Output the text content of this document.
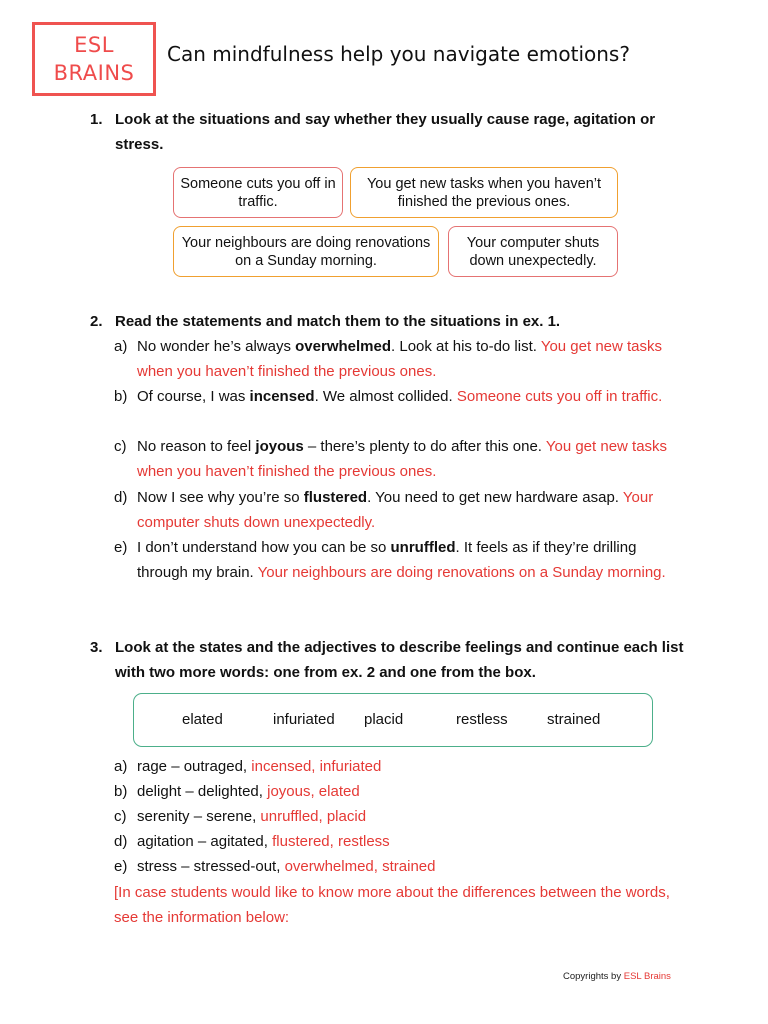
ESL
BRAINS
Can mindfulness help you navigate emotions?
1. Look at the situations and say whether they usually cause rage, agitation or stress.
Someone cuts you off in traffic.
You get new tasks when you haven’t finished the previous ones.
Your neighbours are doing renovations on a Sunday morning.
Your computer shuts down unexpectedly.
2. Read the statements and match them to the situations in ex. 1.
a) No wonder he’s always overwhelmed. Look at his to-do list. You get new tasks when you haven’t finished the previous ones.
b) Of course, I was incensed. We almost collided. Someone cuts you off in traffic.
c) No reason to feel joyous – there’s plenty to do after this one. You get new tasks when you haven’t finished the previous ones.
d) Now I see why you’re so flustered. You need to get new hardware asap. Your computer shuts down unexpectedly.
e) I don’t understand how you can be so unruffled. It feels as if they’re drilling through my brain. Your neighbours are doing renovations on a Sunday morning.
3. Look at the states and the adjectives to describe feelings and continue each list with two more words: one from ex. 2 and one from the box.
elated	infuriated placid	restless	strained
a) rage – outraged, incensed, infuriated
b) delight – delighted, joyous, elated
c) serenity – serene, unruffled, placid
d) agitation – agitated, flustered, restless
e) stress – stressed-out, overwhelmed, strained
[In case students would like to know more about the differences between the words, see the information below:
Copyrights by ESL Brains
